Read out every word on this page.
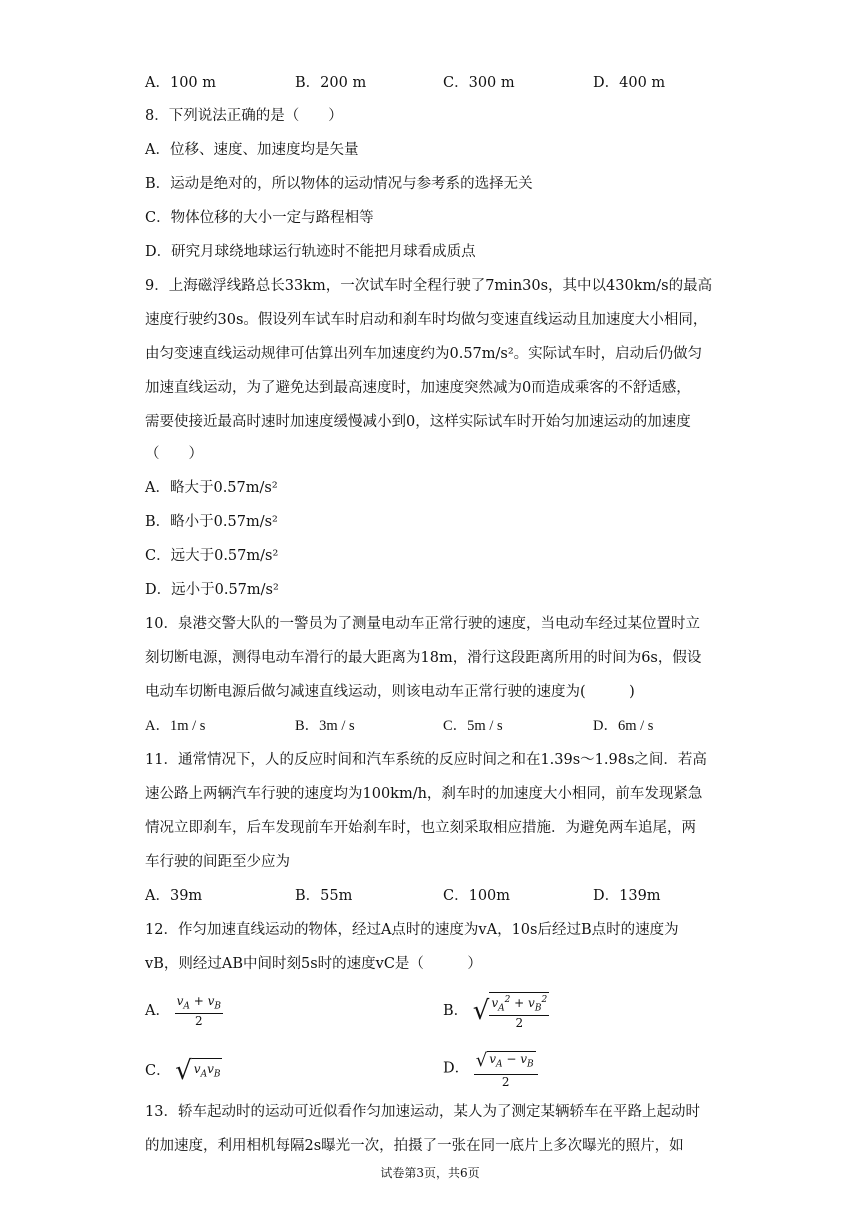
A．100 m	B．200 m	C．300 m	D．400 m
8．下列说法正确的是（　　）
A．位移、速度、加速度均是矢量
B．运动是绝对的，所以物体的运动情况与参考系的选择无关
C．物体位移的大小一定与路程相等
D．研究月球绕地球运行轨迹时不能把月球看成质点
9．上海磁浮线路总长33km，一次试车时全程行驶了7min30s，其中以430km/s的最高
速度行驶约30s。假设列车试车时启动和刹车时均做匀变速直线运动且加速度大小相同，
由匀变速直线运动规律可估算出列车加速度约为0.57m/s²。实际试车时，启动后仍做匀
加速直线运动，为了避免达到最高速度时，加速度突然减为0而造成乘客的不舒适感，
需要使接近最高时速时加速度缓慢减小到0，这样实际试车时开始匀加速运动的加速度
（　　）
A．略大于0.57m/s²
B．略小于0.57m/s²
C．远大于0.57m/s²
D．远小于0.57m/s²
10．泉港交警大队的一警员为了测量电动车正常行驶的速度，当电动车经过某位置时立
刻切断电源，测得电动车滑行的最大距离为18m，滑行这段距离所用的时间为6s，假设
电动车切断电源后做匀减速直线运动，则该电动车正常行驶的速度为(　　　)
A．1m / s	B．3m / s	C．5m / s	D．6m / s
11．通常情况下，人的反应时间和汽车系统的反应时间之和在1.39s～1.98s之间．若高
速公路上两辆汽车行驶的速度均为100km/h，刹车时的加速度大小相同，前车发现紧急
情况立即刹车，后车发现前车开始刹车时，也立刻采取相应措施．为避免两车追尾，两
车行驶的间距至少应为
A．39m	B．55m	C．100m	D．139m
12．作匀加速直线运动的物体，经过A点时的速度为vA，10s后经过B点时的速度为
vB，则经过AB中间时刻5s时的速度vC是（　　　）
A． $\frac{v_A + v_B}{2}$	B． √ $\frac{v_A^2 + v_B^2}{2}$
C． √ $v_Av_B$	D． $\frac{√ v_A - v_B}{2}$
13．轿车起动时的运动可近似看作匀加速运动，某人为了测定某辆轿车在平路上起动时
的加速度，利用相机每隔2s曝光一次，拍摄了一张在同一底片上多次曝光的照片，如
试卷第3页，共6页
